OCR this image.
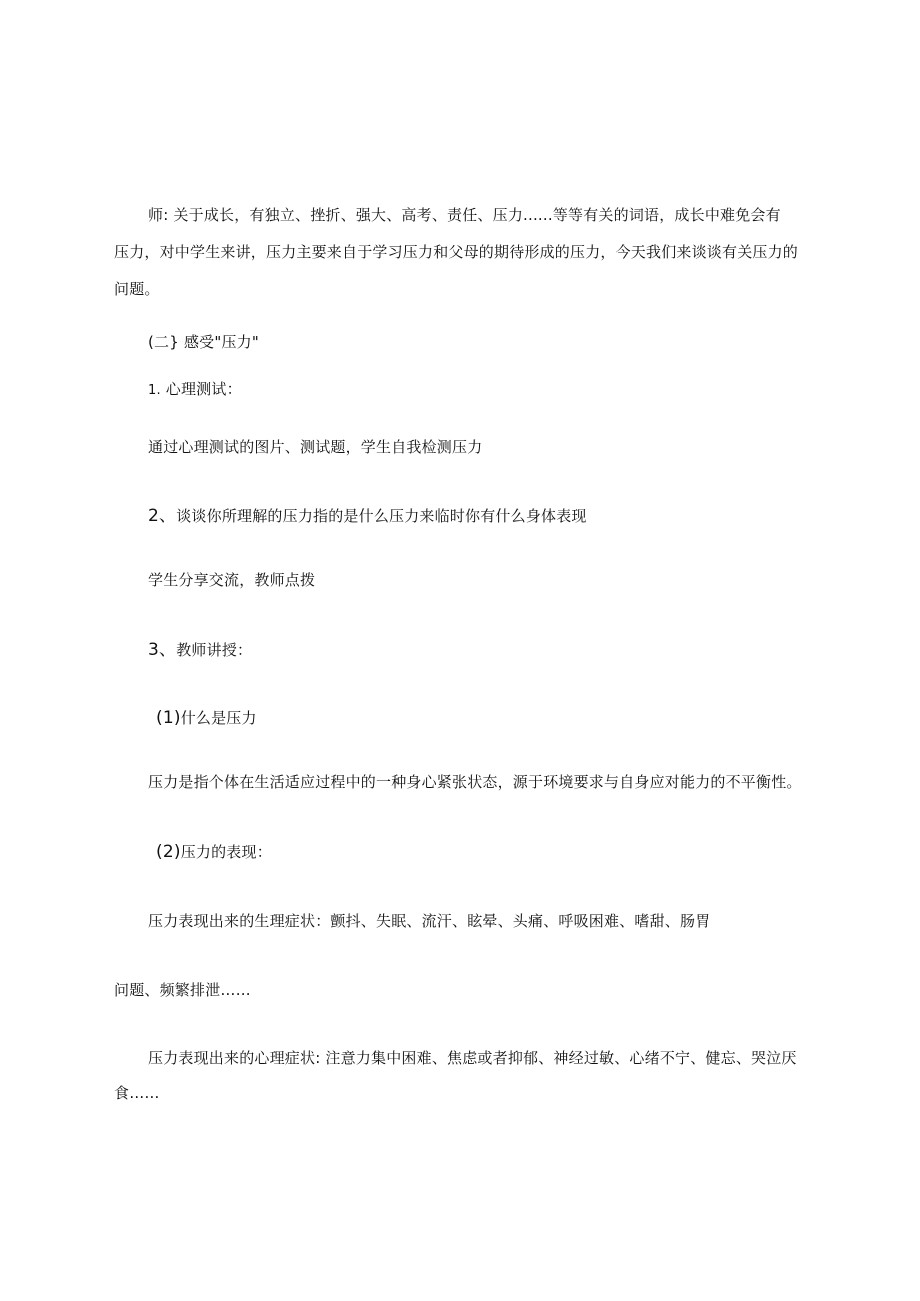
师: 关于成长，有独立、挫折、强大、高考、责任、压力......等等有关的词语，成长中难免会有
压力，对中学生来讲，压力主要来自于学习压力和父母的期待形成的压力，今天我们来谈谈有关压力的
问题。
(二} 感受"压力"
1. 心理测试：
通过心理测试的图片、测试题，学生自我检测压力
2、谈谈你所理解的压力指的是什么压力来临时你有什么身体表现
学生分享交流，教师点拨
3、教师讲授：
(1)什么是压力
压力是指个体在生活适应过程中的一种身心紧张状态，源于环境要求与自身应对能力的不平衡性。
(2)压力的表现：
压力表现出来的生理症状：颤抖、失眠、流汗、眩晕、头痛、呼吸困难、嗜甜、肠胃
问题、频繁排泄……
压力表现出来的心理症状: 注意力集中困难、焦虑或者抑郁、神经过敏、心绪不宁、健忘、哭泣厌
食……
